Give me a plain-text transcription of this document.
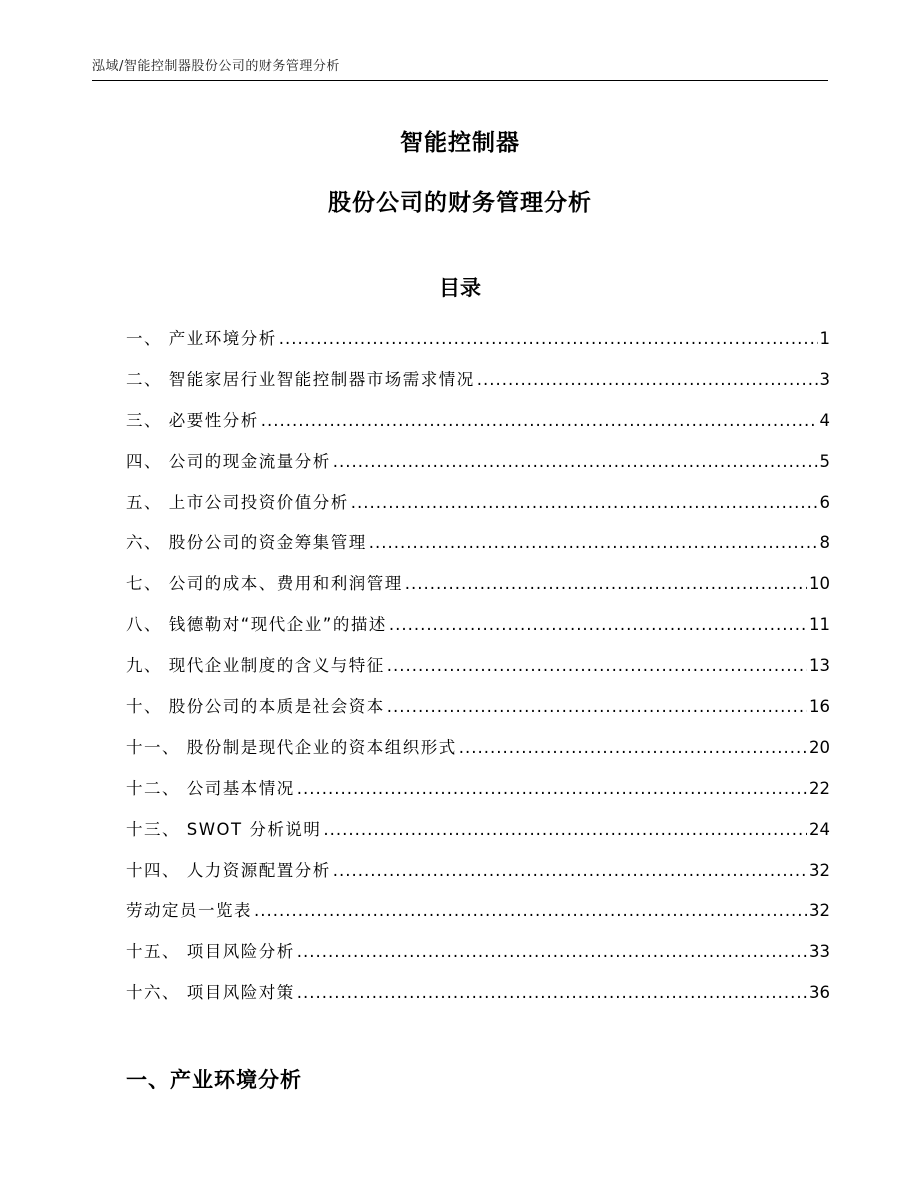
泓域/智能控制器股份公司的财务管理分析
智能控制器
股份公司的财务管理分析
目录
一、 产业环境分析 .....	1
二、 智能家居行业智能控制器市场需求情况 .....	3
三、 必要性分析 .....	4
四、 公司的现金流量分析 .....	5
五、 上市公司投资价值分析 .....	6
六、 股份公司的资金筹集管理 .....	8
七、 公司的成本、费用和利润管理 .....	10
八、 钱德勒对“现代企业”的描述 .....	11
九、 现代企业制度的含义与特征 .....	13
十、 股份公司的本质是社会资本 .....	16
十一、 股份制是现代企业的资本组织形式 .....	20
十二、 公司基本情况 .....	22
十三、 SWOT 分析说明 .....	24
十四、 人力资源配置分析 .....	32
劳动定员一览表 .....	32
十五、 项目风险分析 .....	33
十六、 项目风险对策 .....	36
一、产业环境分析
